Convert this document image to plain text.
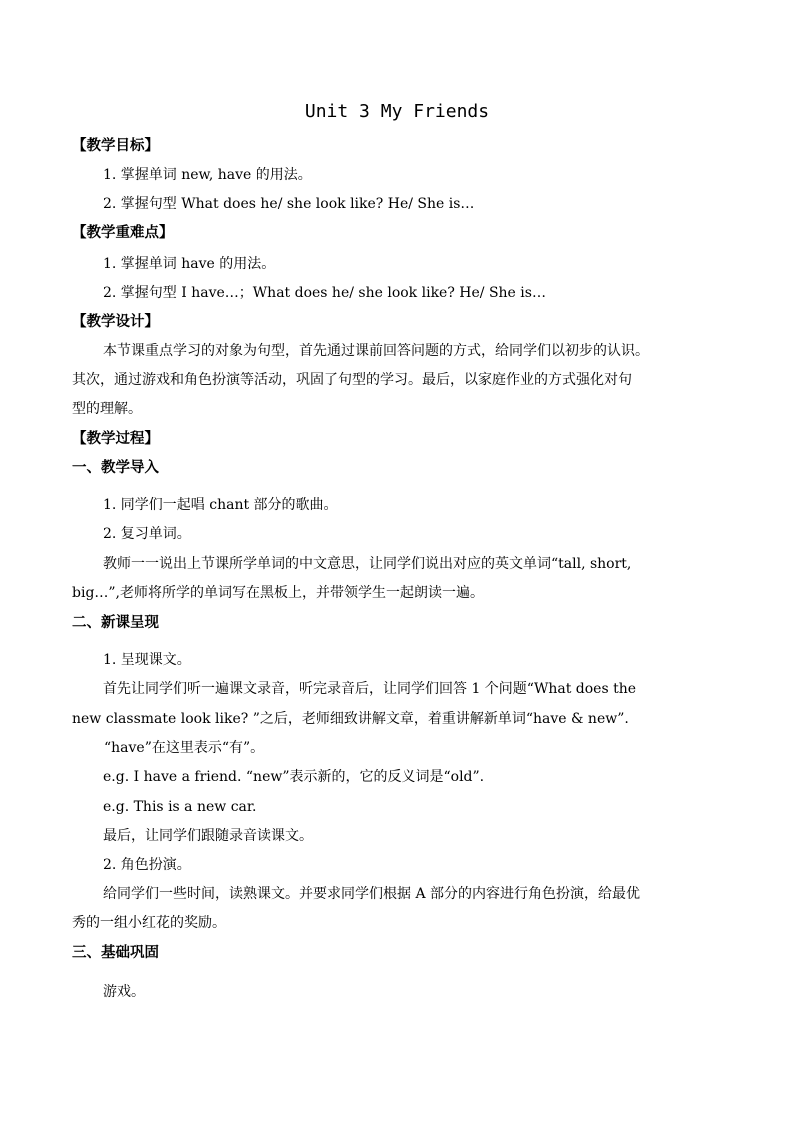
Unit 3 My Friends
【教学目标】
1. 掌握单词 new, have 的用法。
2. 掌握句型 What does he/ she look like? He/ She is…
【教学重难点】
1. 掌握单词 have 的用法。
2. 掌握句型 I have…；What does he/ she look like? He/ She is…
【教学设计】
本节课重点学习的对象为句型，首先通过课前回答问题的方式，给同学们以初步的认识。
其次，通过游戏和角色扮演等活动，巩固了句型的学习。最后，以家庭作业的方式强化对句
型的理解。
【教学过程】
一、教学导入
1. 同学们一起唱 chant 部分的歌曲。
2. 复习单词。
教师一一说出上节课所学单词的中文意思，让同学们说出对应的英文单词“tall, short,
big…”,老师将所学的单词写在黑板上，并带领学生一起朗读一遍。
二、新课呈现
1. 呈现课文。
首先让同学们听一遍课文录音，听完录音后，让同学们回答 1 个问题“What does the
new classmate look like? ”之后，老师细致讲解文章，着重讲解新单词“have & new”.
“have”在这里表示“有”。
e.g. I have a friend. “new”表示新的，它的反义词是“old”.
e.g. This is a new car.
最后，让同学们跟随录音读课文。
2. 角色扮演。
给同学们一些时间，读熟课文。并要求同学们根据 A 部分的内容进行角色扮演，给最优
秀的一组小红花的奖励。
三、基础巩固
游戏。
